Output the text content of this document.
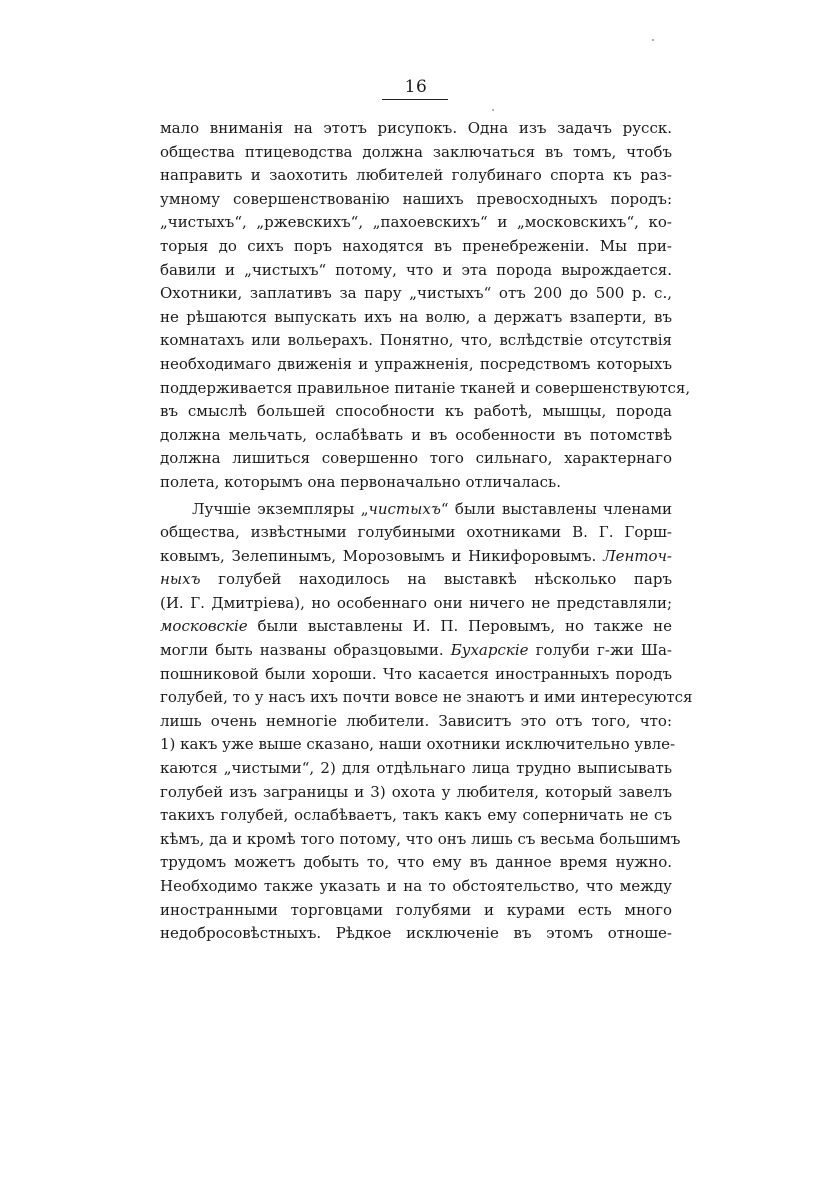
16
мало вниманія на этотъ рисупокъ. Одна изъ задачъ русск.
общества птицеводства должна заключаться въ томъ, чтобъ
направить и заохотить любителей голубинаго спорта къ раз-
умному совершенствованію нашихъ превосходныхъ породъ:
„чистыхъ“, „ржевскихъ“, „пахоевскихъ“ и „московскихъ“, ко-
торыя до сихъ поръ находятся въ пренебреженіи. Мы при-
бавили и „чистыхъ“ потому, что и эта порода вырождается.
Охотники, заплативъ за пару „чистыхъ“ отъ 200 до 500 р. с.,
не рѣшаются выпускать ихъ на волю, а держатъ взаперти, въ
комнатахъ или вольерахъ. Понятно, что, вслѣдствіе отсутствія
необходимаго движенія и упражненія, посредствомъ которыхъ
поддерживается правильное питаніе тканей и совершенствуются,
въ смыслѣ большей способности къ работѣ, мышцы, порода
должна мельчать, ослабѣвать и въ особенности въ потомствѣ
должна лишиться совершенно того сильнаго, характернаго
полета, которымъ она первоначально отличалась.
Лучшіе экземпляры „чистыхъ“ были выставлены членами
общества, извѣстными голубиными охотниками В. Г. Горш-
ковымъ, Зелепинымъ, Морозовымъ и Никифоровымъ. Ленточ-
ныхъ голубей находилось на выставкѣ нѣсколько паръ
(И. Г. Дмитріева), но особеннаго они ничего не представляли;
московскіе были выставлены И. П. Перовымъ, но также не
могли быть названы образцовыми. Бухарскіе голуби г-жи Ша-
пошниковой были хороши. Что касается иностранныхъ породъ
голубей, то у насъ ихъ почти вовсе не знаютъ и ими интересуются
лишь очень немногіе любители. Зависитъ это отъ того, что:
1) какъ уже выше сказано, наши охотники исключительно увле-
каются „чистыми“, 2) для отдѣльнаго лица трудно выписывать
голубей изъ заграницы и 3) охота у любителя, который завелъ
такихъ голубей, ослабѣваетъ, такъ какъ ему соперничать не съ
кѣмъ, да и кромѣ того потому, что онъ лишь съ весьма большимъ
трудомъ можетъ добыть то, что ему въ данное время нужно.
Необходимо также указать и на то обстоятельство, что между
иностранными торговцами голубями и курами есть много
недобросовѣстныхъ. Рѣдкое исключеніе въ этомъ отноше-
